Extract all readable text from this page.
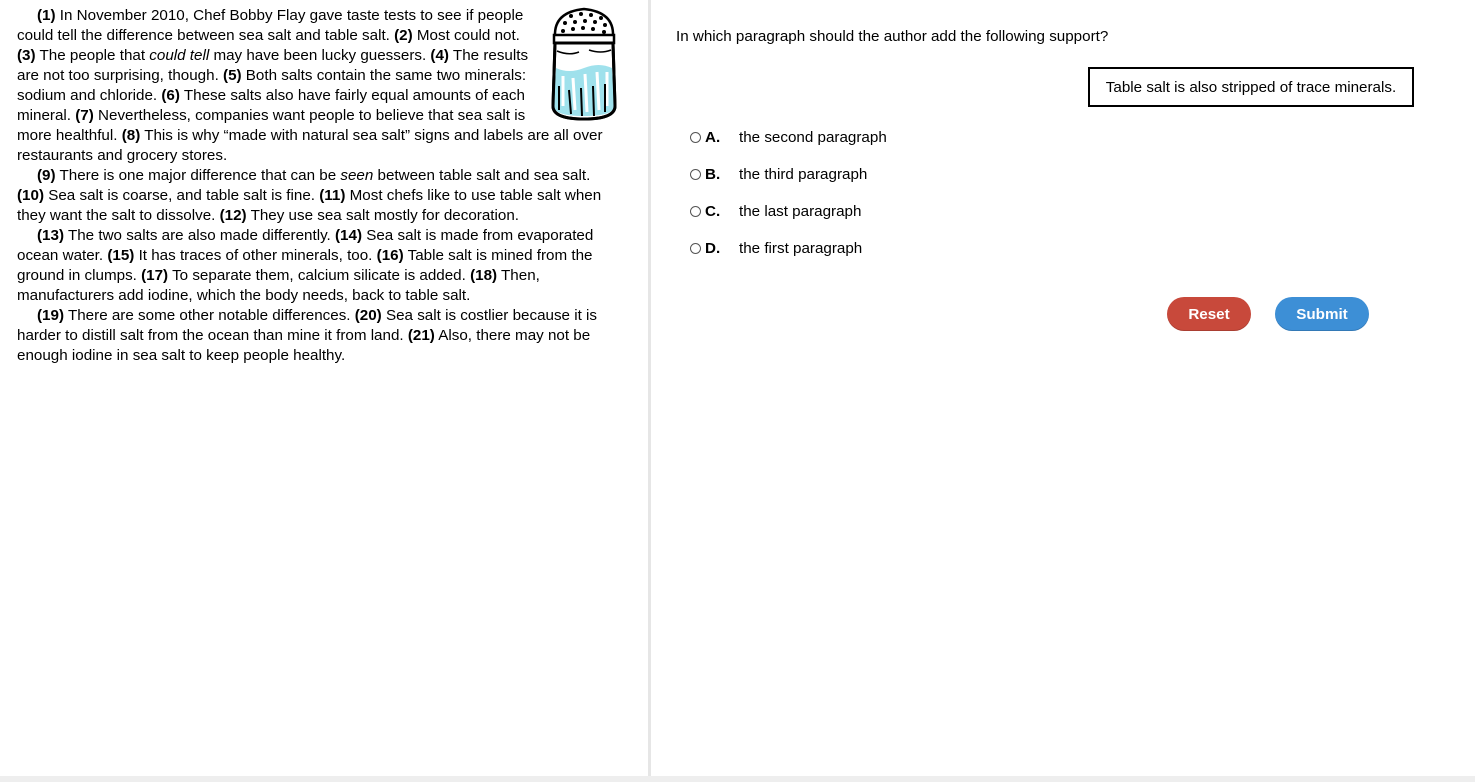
(1) In November 2010, Chef Bobby Flay gave taste tests to see if people could tell the difference between sea salt and table salt. (2) Most could not. (3) The people that could tell may have been lucky guessers. (4) The results are not too surprising, though. (5) Both salts contain the same two minerals: sodium and chloride. (6) These salts also have fairly equal amounts of each mineral. (7) Nevertheless, companies want people to believe that sea salt is more healthful. (8) This is why “made with natural sea salt” signs and labels are all over restaurants and grocery stores.

(9) There is one major difference that can be seen between table salt and sea salt. (10) Sea salt is coarse, and table salt is fine. (11) Most chefs like to use table salt when they want the salt to dissolve. (12) They use sea salt mostly for decoration.

(13) The two salts are also made differently. (14) Sea salt is made from evaporated ocean water. (15) It has traces of other minerals, too. (16) Table salt is mined from the ground in clumps. (17) To separate them, calcium silicate is added. (18) Then, manufacturers add iodine, which the body needs, back to table salt.

(19) There are some other notable differences. (20) Sea salt is costlier because it is harder to distill salt from the ocean than mine it from land. (21) Also, there may not be enough iodine in sea salt to keep people healthy.

In which paragraph should the author add the following support?
Table salt is also stripped of trace minerals.
A.	the second paragraph
B.	the third paragraph
C.	the last paragraph
D.	the first paragraph
Reset	Submit
